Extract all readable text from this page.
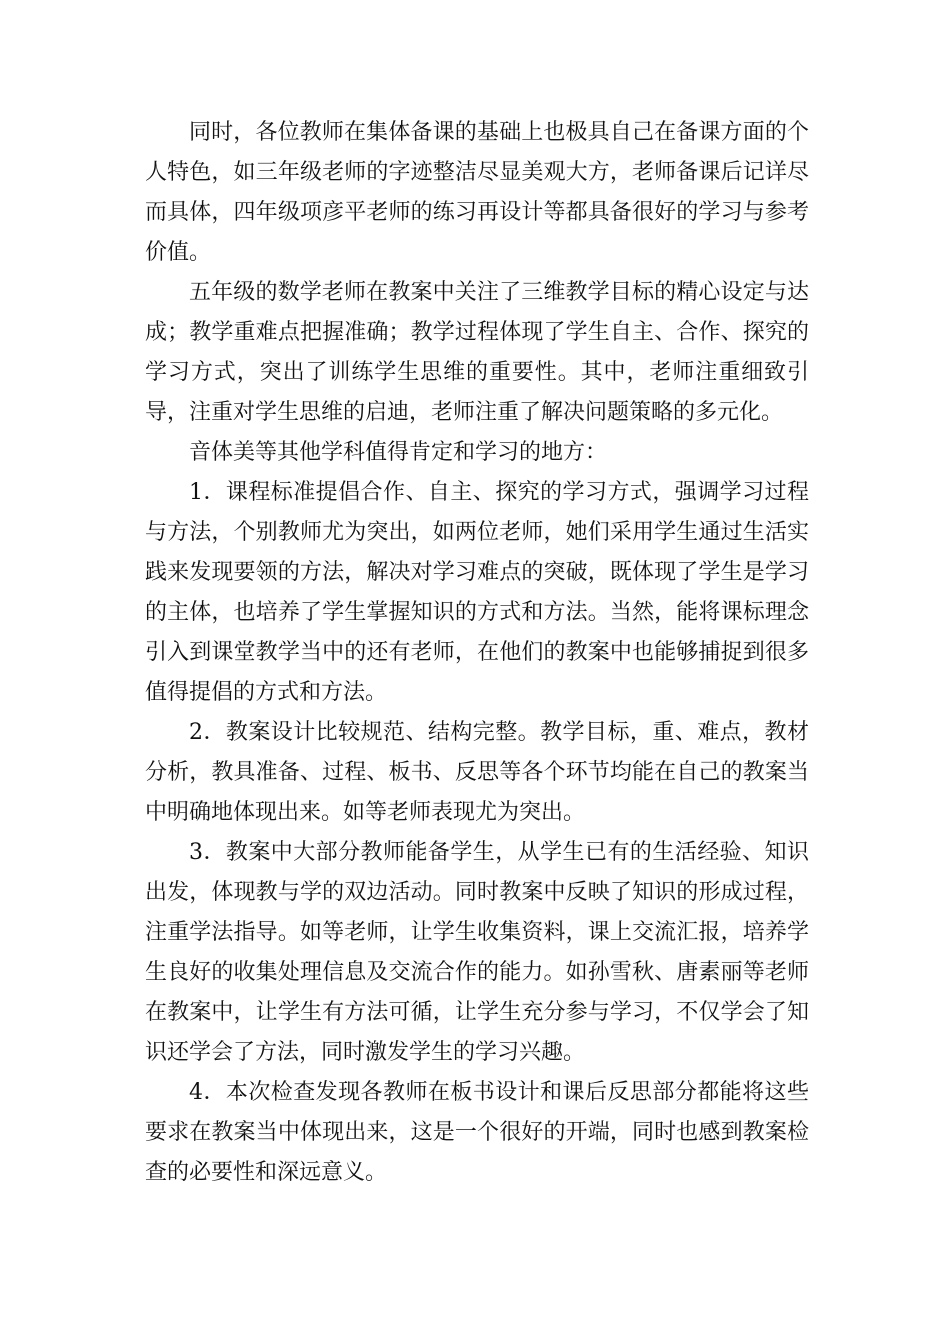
同时，各位教师在集体备课的基础上也极具自己在备课方面的个人特色，如三年级老师的字迹整洁尽显美观大方，老师备课后记详尽而具体，四年级项彦平老师的练习再设计等都具备很好的学习与参考价值。

五年级的数学老师在教案中关注了三维教学目标的精心设定与达成；教学重难点把握准确；教学过程体现了学生自主、合作、探究的学习方式，突出了训练学生思维的重要性。其中，老师注重细致引导，注重对学生思维的启迪，老师注重了解决问题策略的多元化。

音体美等其他学科值得肯定和学习的地方：

1．课程标准提倡合作、自主、探究的学习方式，强调学习过程与方法，个别教师尤为突出，如两位老师，她们采用学生通过生活实践来发现要领的方法，解决对学习难点的突破，既体现了学生是学习的主体，也培养了学生掌握知识的方式和方法。当然，能将课标理念引入到课堂教学当中的还有老师，在他们的教案中也能够捕捉到很多值得提倡的方式和方法。

2．教案设计比较规范、结构完整。教学目标，重、难点，教材分析，教具准备、过程、板书、反思等各个环节均能在自己的教案当中明确地体现出来。如等老师表现尤为突出。

3．教案中大部分教师能备学生，从学生已有的生活经验、知识出发，体现教与学的双边活动。同时教案中反映了知识的形成过程，注重学法指导。如等老师，让学生收集资料，课上交流汇报，培养学生良好的收集处理信息及交流合作的能力。如孙雪秋、唐素丽等老师在教案中，让学生有方法可循，让学生充分参与学习，不仅学会了知识还学会了方法，同时激发学生的学习兴趣。

4．本次检查发现各教师在板书设计和课后反思部分都能将这些要求在教案当中体现出来，这是一个很好的开端，同时也感到教案检查的必要性和深远意义。
